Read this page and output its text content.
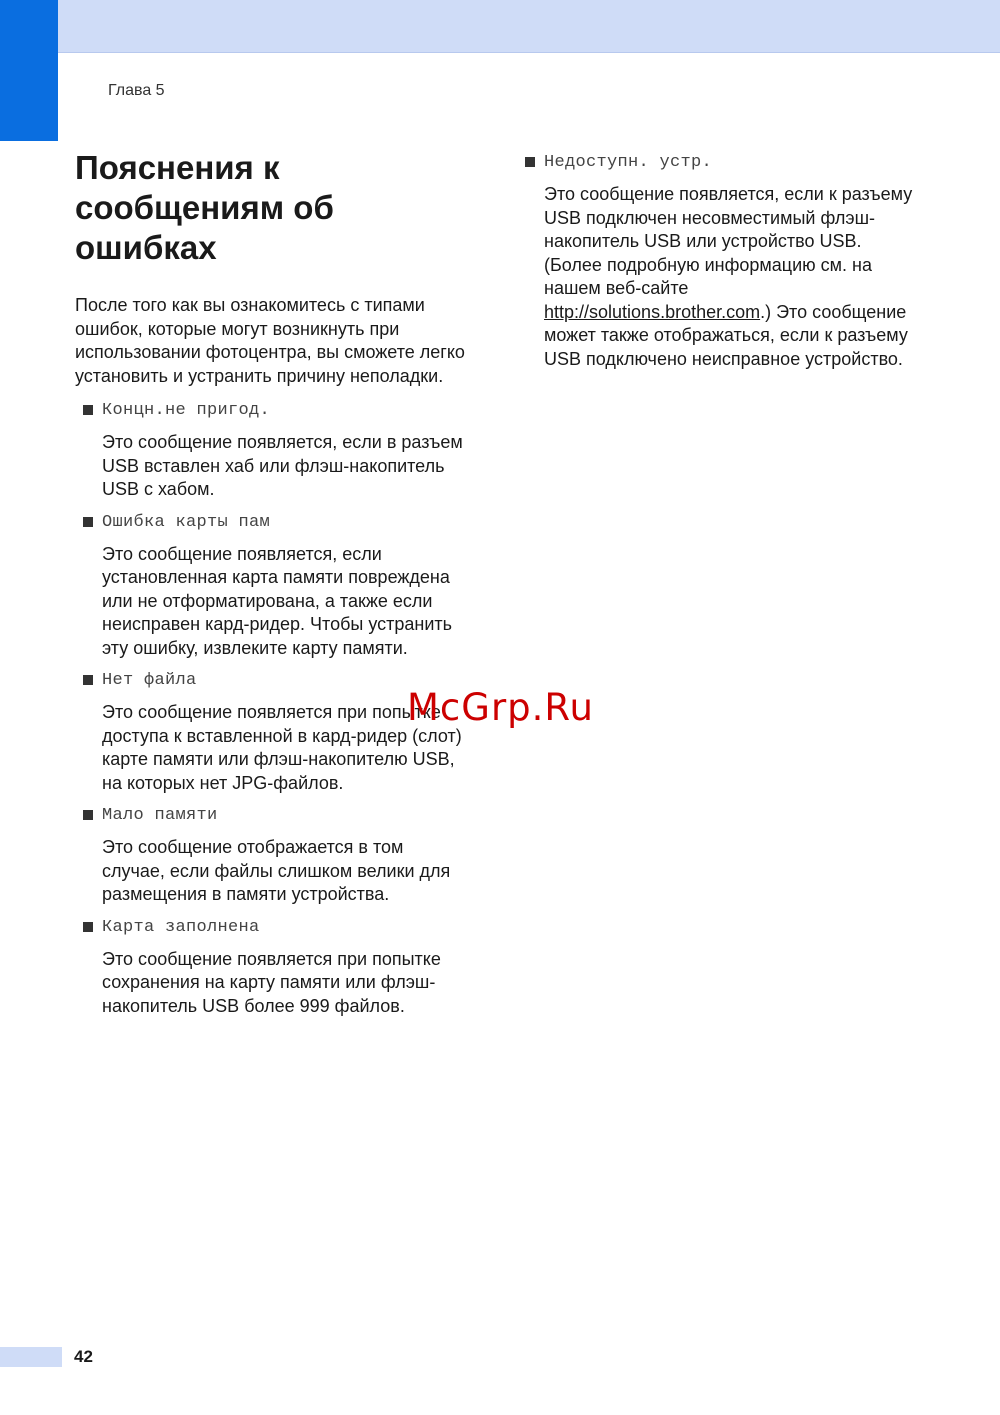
Глава 5
Пояснения к
сообщениям об
ошибках

После того как вы ознакомитесь с типами ошибок, которые могут возникнуть при использовании фотоцентра, вы сможете легко установить и устранить причину неполадки.

Концн.не пригод.
Это сообщение появляется, если в разъем USB вставлен хаб или флэш-накопитель USB с хабом.
Ошибка карты пам
Это сообщение появляется, если установленная карта памяти повреждена или не отформатирована, а также если неисправен кард-ридер. Чтобы устранить эту ошибку, извлеките карту памяти.
Нет файла
Это сообщение появляется при попытке доступа к вставленной в кард-ридер (слот) карте памяти или флэш-накопителю USB, на которых нет JPG-файлов.
Мало памяти
Это сообщение отображается в том случае, если файлы слишком велики для размещения в памяти устройства.
Карта заполнена
Это сообщение появляется при попытке сохранения на карту памяти или флэш-накопитель USB более 999 файлов.
Недоступн. устр.
Это сообщение появляется, если к разъему USB подключен несовместимый флэш-накопитель USB или устройство USB. (Более подробную информацию см. на нашем веб-сайте http://solutions.brother.com.) Это сообщение может также отображаться, если к разъему USB подключено неисправное устройство.
McGrp.Ru
42
